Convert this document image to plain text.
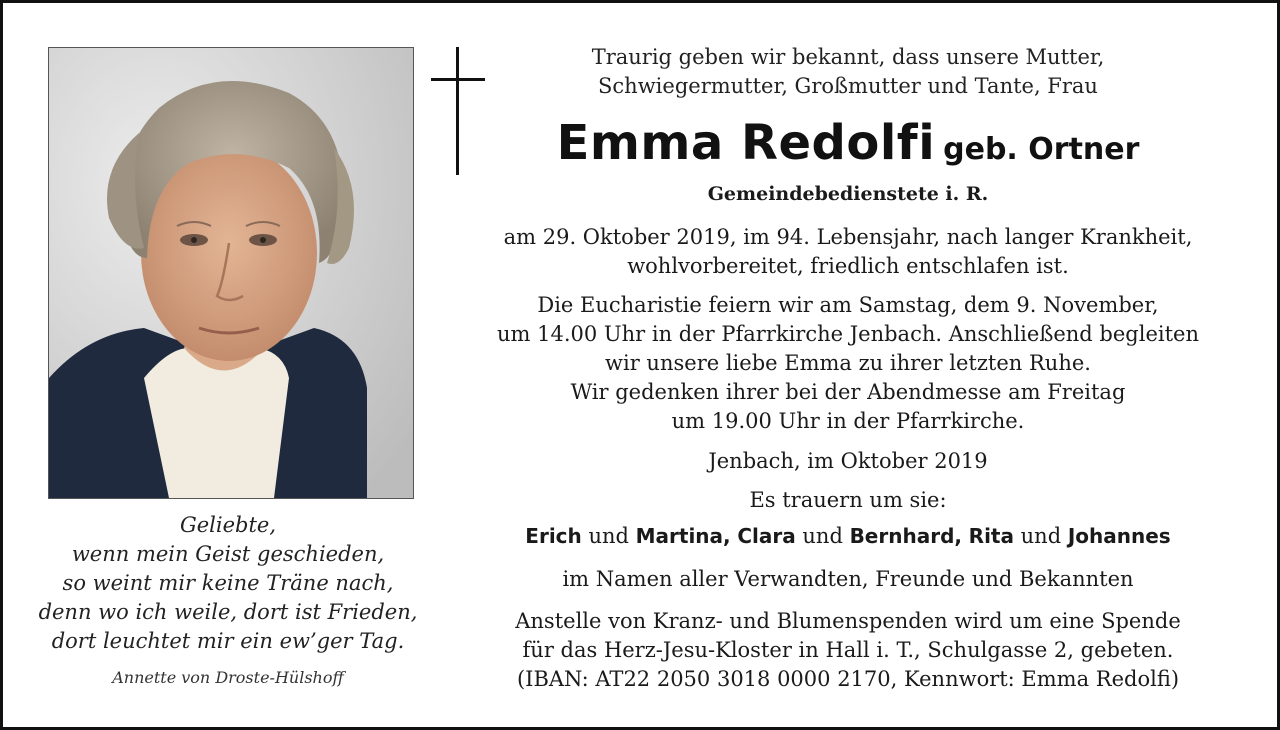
Geliebte,
wenn mein Geist geschieden,
so weint mir keine Träne nach,
denn wo ich weile, dort ist Frieden,
dort leuchtet mir ein ew’ger Tag.
Annette von Droste-Hülshoff
Traurig geben wir bekannt, dass unsere Mutter,
Schwiegermutter, Großmutter und Tante, Frau
Emma Redolfi geb. Ortner
Gemeindebedienstete i. R.
am 29. Oktober 2019, im 94. Lebensjahr, nach langer Krankheit,
wohlvorbereitet, friedlich entschlafen ist.
Die Eucharistie feiern wir am Samstag, dem 9. November,
um 14.00 Uhr in der Pfarrkirche Jenbach. Anschließend begleiten
wir unsere liebe Emma zu ihrer letzten Ruhe.
Wir gedenken ihrer bei der Abendmesse am Freitag
um 19.00 Uhr in der Pfarrkirche.
Jenbach, im Oktober 2019
Es trauern um sie:
Erich und Martina, Clara und Bernhard, Rita und Johannes
im Namen aller Verwandten, Freunde und Bekannten
Anstelle von Kranz- und Blumenspenden wird um eine Spende
für das Herz-Jesu-Kloster in Hall i. T., Schulgasse 2, gebeten.
(IBAN: AT22 2050 3018 0000 2170, Kennwort: Emma Redolfi)
